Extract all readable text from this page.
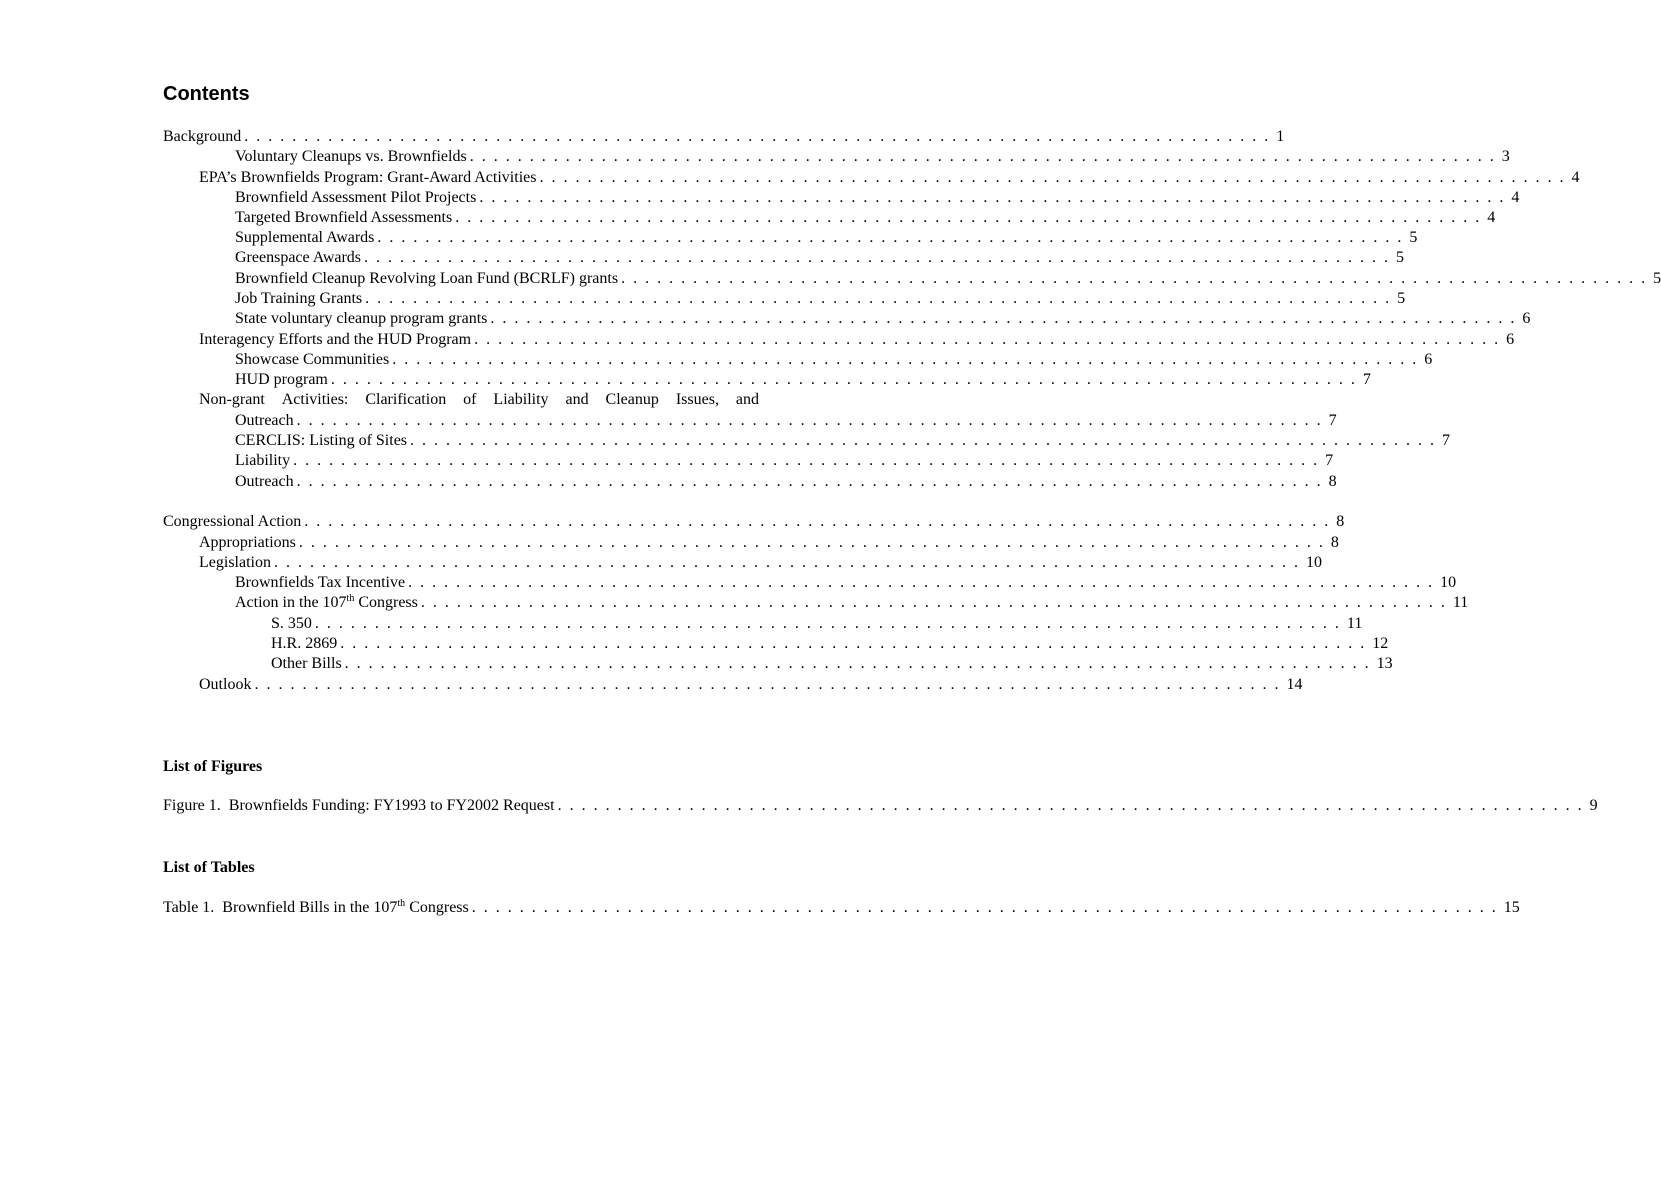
Contents
Background . . . . . . . . . . . . . . . . . . . . . . . . . . . . . . . . . . . . . . . . . . . . . . . . . . . . . . . . . . . . . . . . . . . . . . . . . . . . . . . . . . . . . . 1
Voluntary Cleanups vs. Brownfields . . . . . . . . . . . . . . . . . . . . . . . . . . . . . . . . . . . . . . . . . . . . . . . . . . . . . . . . . . . . . . . . . . . . . . . . . . . . . . . . . . . . . . 3
EPA’s Brownfields Program: Grant-Award Activities . . . . . . . . . . . . . . . . . . . . . . . . . . . . . . . . . . . . . . . . . . . . . . . . . . . . . . . . . . . . . . . . . . . . . . . . . . . . . . . . . . . . . . 4
Brownfield Assessment Pilot Projects . . . . . . . . . . . . . . . . . . . . . . . . . . . . . . . . . . . . . . . . . . . . . . . . . . . . . . . . . . . . . . . . . . . . . . . . . . . . . . . . . . . . . . 4
Targeted Brownfield Assessments . . . . . . . . . . . . . . . . . . . . . . . . . . . . . . . . . . . . . . . . . . . . . . . . . . . . . . . . . . . . . . . . . . . . . . . . . . . . . . . . . . . . . . 4
Supplemental Awards . . . . . . . . . . . . . . . . . . . . . . . . . . . . . . . . . . . . . . . . . . . . . . . . . . . . . . . . . . . . . . . . . . . . . . . . . . . . . . . . . . . . . . 5
Greenspace Awards . . . . . . . . . . . . . . . . . . . . . . . . . . . . . . . . . . . . . . . . . . . . . . . . . . . . . . . . . . . . . . . . . . . . . . . . . . . . . . . . . . . . . . 5
Brownfield Cleanup Revolving Loan Fund (BCRLF) grants . . . . . . . . . . . . . . . . . . . . . . . . . . . . . . . . . . . . . . . . . . . . . . . . . . . . . . . . . . . . . . . . . . . . . . . . . . . . . . . . . . . . . . 5
Job Training Grants . . . . . . . . . . . . . . . . . . . . . . . . . . . . . . . . . . . . . . . . . . . . . . . . . . . . . . . . . . . . . . . . . . . . . . . . . . . . . . . . . . . . . . 5
State voluntary cleanup program grants . . . . . . . . . . . . . . . . . . . . . . . . . . . . . . . . . . . . . . . . . . . . . . . . . . . . . . . . . . . . . . . . . . . . . . . . . . . . . . . . . . . . . . 6
Interagency Efforts and the HUD Program . . . . . . . . . . . . . . . . . . . . . . . . . . . . . . . . . . . . . . . . . . . . . . . . . . . . . . . . . . . . . . . . . . . . . . . . . . . . . . . . . . . . . . 6
Showcase Communities . . . . . . . . . . . . . . . . . . . . . . . . . . . . . . . . . . . . . . . . . . . . . . . . . . . . . . . . . . . . . . . . . . . . . . . . . . . . . . . . . . . . . . 6
HUD program . . . . . . . . . . . . . . . . . . . . . . . . . . . . . . . . . . . . . . . . . . . . . . . . . . . . . . . . . . . . . . . . . . . . . . . . . . . . . . . . . . . . . . 7
Non-grant Activities: Clarification of Liability and Cleanup Issues, and
Outreach . . . . . . . . . . . . . . . . . . . . . . . . . . . . . . . . . . . . . . . . . . . . . . . . . . . . . . . . . . . . . . . . . . . . . . . . . . . . . . . . . . . . . . 7
CERCLIS: Listing of Sites . . . . . . . . . . . . . . . . . . . . . . . . . . . . . . . . . . . . . . . . . . . . . . . . . . . . . . . . . . . . . . . . . . . . . . . . . . . . . . . . . . . . . . 7
Liability . . . . . . . . . . . . . . . . . . . . . . . . . . . . . . . . . . . . . . . . . . . . . . . . . . . . . . . . . . . . . . . . . . . . . . . . . . . . . . . . . . . . . . 7
Outreach . . . . . . . . . . . . . . . . . . . . . . . . . . . . . . . . . . . . . . . . . . . . . . . . . . . . . . . . . . . . . . . . . . . . . . . . . . . . . . . . . . . . . . 8
Congressional Action . . . . . . . . . . . . . . . . . . . . . . . . . . . . . . . . . . . . . . . . . . . . . . . . . . . . . . . . . . . . . . . . . . . . . . . . . . . . . . . . . . . . . . 8
Appropriations . . . . . . . . . . . . . . . . . . . . . . . . . . . . . . . . . . . . . . . . . . . . . . . . . . . . . . . . . . . . . . . . . . . . . . . . . . . . . . . . . . . . . . 8
Legislation . . . . . . . . . . . . . . . . . . . . . . . . . . . . . . . . . . . . . . . . . . . . . . . . . . . . . . . . . . . . . . . . . . . . . . . . . . . . . . . . . . . . . . 10
Brownfields Tax Incentive . . . . . . . . . . . . . . . . . . . . . . . . . . . . . . . . . . . . . . . . . . . . . . . . . . . . . . . . . . . . . . . . . . . . . . . . . . . . . . . . . . . . . . 10
Action in the 107th Congress . . . . . . . . . . . . . . . . . . . . . . . . . . . . . . . . . . . . . . . . . . . . . . . . . . . . . . . . . . . . . . . . . . . . . . . . . . . . . . . . . . . . . . 11
S. 350 . . . . . . . . . . . . . . . . . . . . . . . . . . . . . . . . . . . . . . . . . . . . . . . . . . . . . . . . . . . . . . . . . . . . . . . . . . . . . . . . . . . . . . 11
H.R. 2869 . . . . . . . . . . . . . . . . . . . . . . . . . . . . . . . . . . . . . . . . . . . . . . . . . . . . . . . . . . . . . . . . . . . . . . . . . . . . . . . . . . . . . . 12
Other Bills . . . . . . . . . . . . . . . . . . . . . . . . . . . . . . . . . . . . . . . . . . . . . . . . . . . . . . . . . . . . . . . . . . . . . . . . . . . . . . . . . . . . . . 13
Outlook . . . . . . . . . . . . . . . . . . . . . . . . . . . . . . . . . . . . . . . . . . . . . . . . . . . . . . . . . . . . . . . . . . . . . . . . . . . . . . . . . . . . . . 14
List of Figures
Figure 1.  Brownfields Funding: FY1993 to FY2002 Request . . . . . . . . . . . . . . . . . . . . . . . . . . . . . . . . . . . . . . . . . . . . . . . . . . . . . . . . . . . . . . . . . . . . . . . . . . . . . . . . . . . . . . 9
List of Tables
Table 1.  Brownfield Bills in the 107th Congress . . . . . . . . . . . . . . . . . . . . . . . . . . . . . . . . . . . . . . . . . . . . . . . . . . . . . . . . . . . . . . . . . . . . . . . . . . . . . . . . . . . . . . 15
